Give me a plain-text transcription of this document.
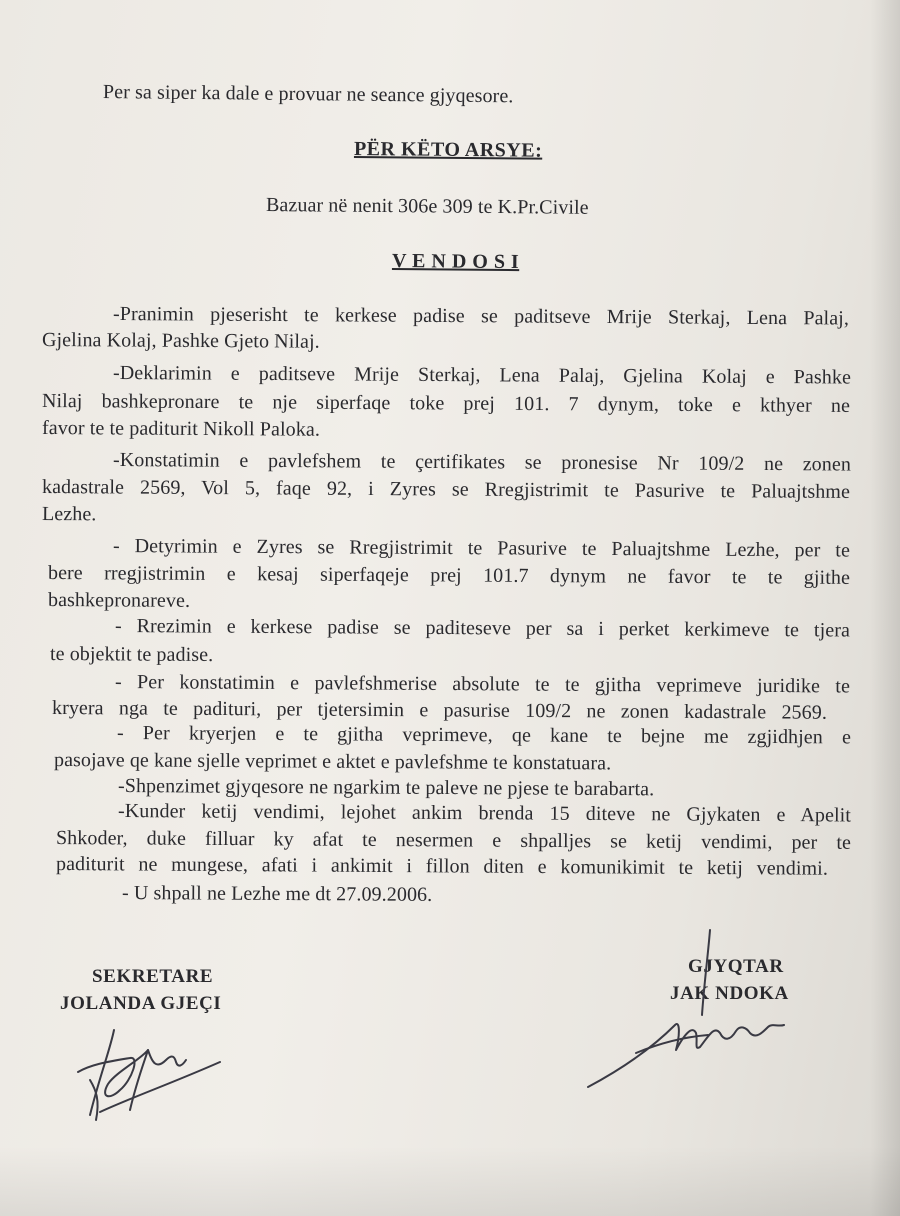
Per sa siper ka dale e provuar ne seance gjyqesore.
PËR KËTO ARSYE:
Bazuar në nenit 306e 309 te K.Pr.Civile
V E N D O S I
-Pranimin pjeserisht te kerkese padise se paditseve Mrije Sterkaj, Lena Palaj,
Gjelina Kolaj, Pashke Gjeto Nilaj.
-Deklarimin e paditseve Mrije Sterkaj, Lena Palaj, Gjelina Kolaj e Pashke
Nilaj bashkepronare te nje siperfaqe toke prej 101. 7 dynym, toke e kthyer ne
favor te te paditurit Nikoll Paloka.
-Konstatimin e pavlefshem te çertifikates se pronesise Nr 109/2 ne zonen
kadastrale 2569, Vol 5, faqe 92, i Zyres se Rregjistrimit te Pasurive te Paluajtshme
Lezhe.
- Detyrimin e Zyres se Rregjistrimit te Pasurive te Paluajtshme Lezhe, per te
bere rregjistrimin e kesaj siperfaqeje prej 101.7 dynym ne favor te te gjithe
bashkepronareve.
- Rrezimin e kerkese padise se paditeseve per sa i perket kerkimeve te tjera
te objektit te padise.
- Per konstatimin e pavlefshmerise absolute te te gjitha veprimeve juridike te
kryera nga te padituri, per tjetersimin e pasurise 109/2 ne zonen kadastrale 2569.
- Per kryerjen e te gjitha veprimeve, qe kane te bejne me zgjidhjen e
pasojave qe kane sjelle veprimet e aktet e pavlefshme te konstatuara.
-Shpenzimet gjyqesore ne ngarkim te paleve ne pjese te barabarta.
-Kunder ketij vendimi, lejohet ankim brenda 15 diteve ne Gjykaten e Apelit
Shkoder, duke filluar ky afat te nesermen e shpalljes se ketij vendimi, per te
paditurit ne mungese, afati i ankimit i fillon diten e komunikimit te ketij vendimi.
- U shpall ne Lezhe me dt 27.09.2006.
SEKRETARE
JOLANDA GJEÇI
GJYQTAR
JAK NDOKA
